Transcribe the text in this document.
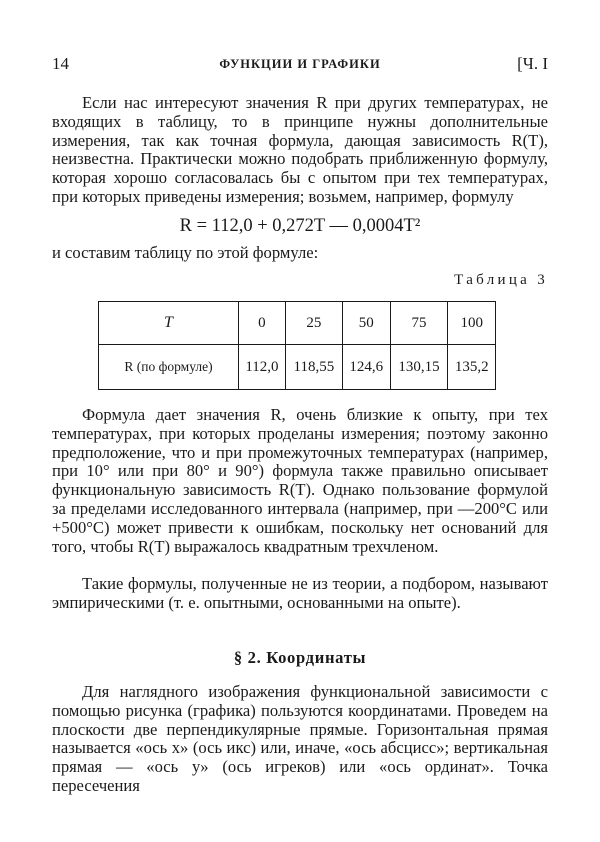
14	ФУНКЦИИ И ГРАФИКИ	[Ч. I

Если нас интересуют значения R при других температурах, не входящих в таблицу, то в принципе нужны дополнительные измерения, так как точная формула, дающая зависимость R(T), неизвестна. Практически можно подобрать приближенную формулу, которая хорошо согласовалась бы с опытом при тех температурах, при которых приведены измерения; возьмем, например, формулу

R = 112,0 + 0,272T — 0,0004T²

и составим таблицу по этой формуле:

Таблица 3
T	0	25	50	75	100
R (по формуле)	112,0	118,55	124,6	130,15	135,2

Формула дает значения R, очень близкие к опыту, при тех температурах, при которых проделаны измерения; поэтому законно предположение, что и при промежуточных температурах (например, при 10° или при 80° и 90°) формула также правильно описывает функциональную зависимость R(T). Однако пользование формулой за пределами исследованного интервала (например, при —200°С или +500°С) может привести к ошибкам, поскольку нет оснований для того, чтобы R(T) выражалось квадратным трехчленом.

Такие формулы, полученные не из теории, а подбором, называют эмпирическими (т. е. опытными, основанными на опыте).

§ 2. Координаты

Для наглядного изображения функциональной зависимости с помощью рисунка (графика) пользуются координатами. Проведем на плоскости две перпендикулярные прямые. Горизонтальная прямая называется «ось x» (ось икс) или, иначе, «ось абсцисс»; вертикальная прямая — «ось y» (ось игреков) или «ось ординат». Точка пересечения
